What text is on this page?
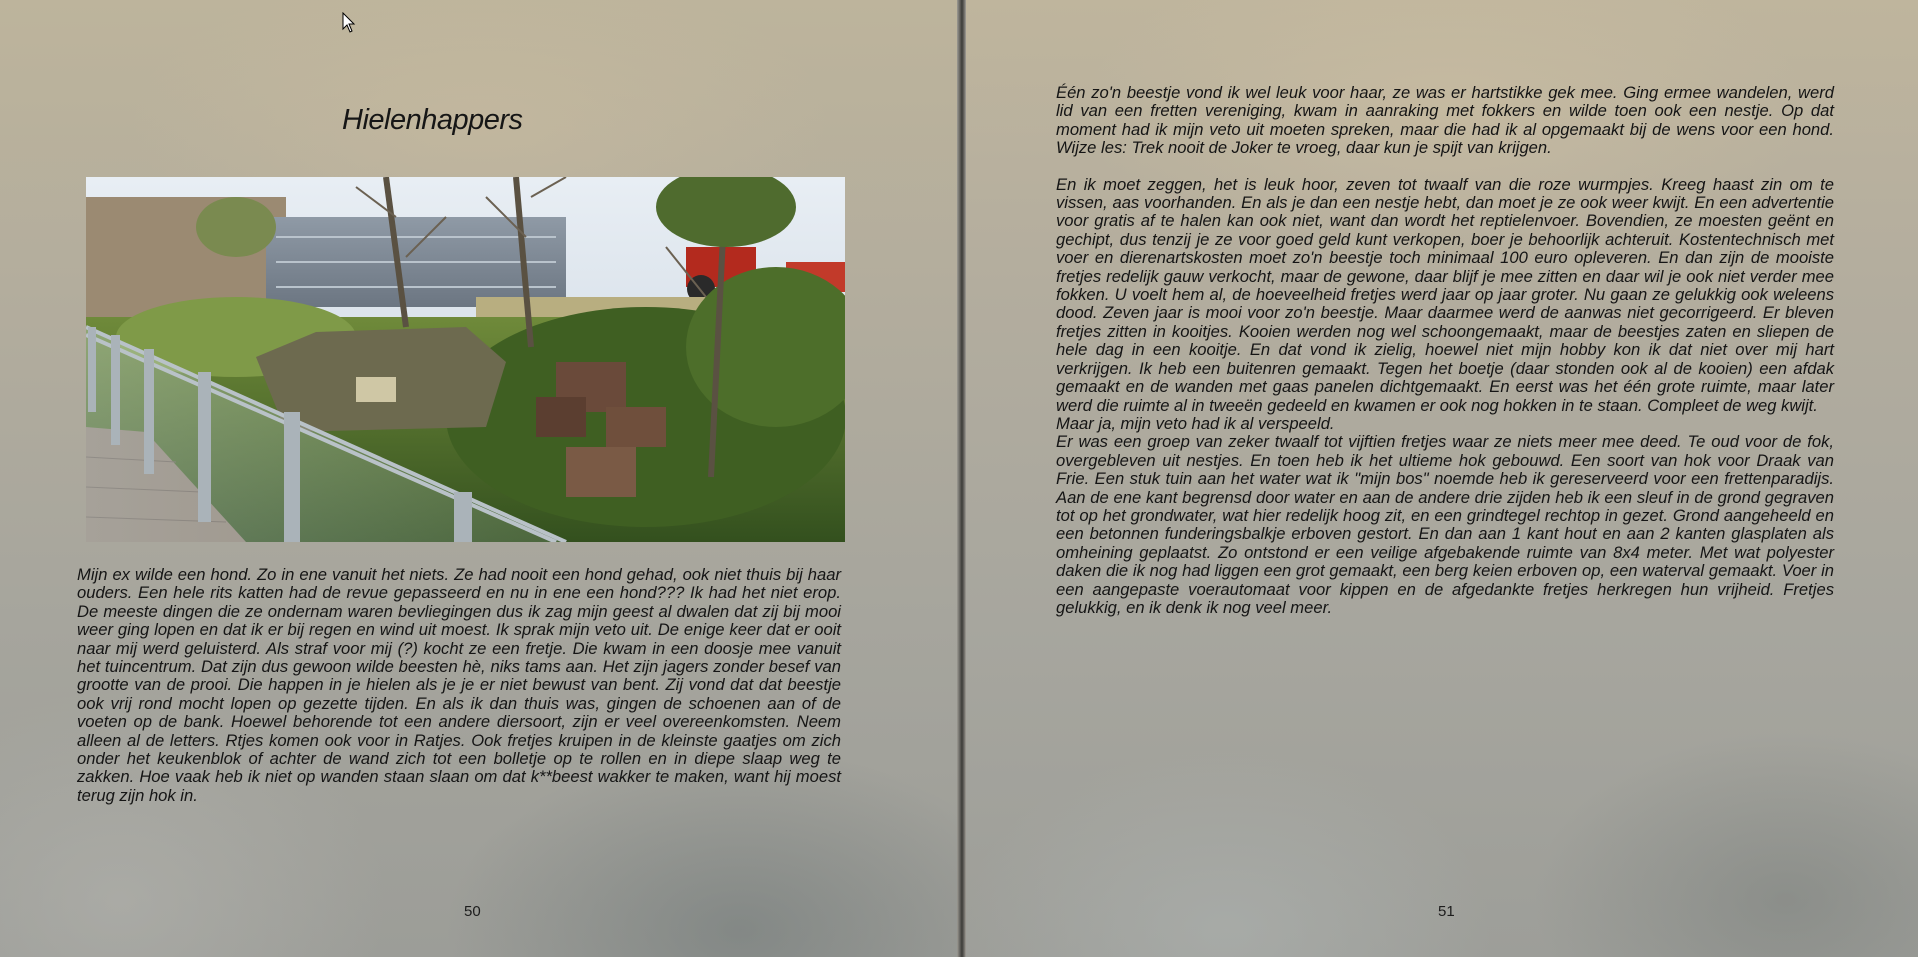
Hielenhappers

Mijn ex wilde een hond. Zo in ene vanuit het niets. Ze had nooit een hond gehad, ook niet thuis bij haar ouders. Een hele rits katten had de revue gepasseerd en nu in ene een hond??? Ik had het niet erop. De meeste dingen die ze ondernam waren bevliegingen dus ik zag mijn geest al dwalen dat zij bij mooi weer ging lopen en dat ik er bij regen en wind uit moest. Ik sprak mijn veto uit. De enige keer dat er ooit naar mij werd geluisterd. Als straf voor mij (?) kocht ze een fretje. Die kwam in een doosje mee vanuit het tuincentrum. Dat zijn dus gewoon wilde beesten hè, niks tams aan. Het zijn jagers zonder besef van grootte van de prooi. Die happen in je hielen als je je er niet bewust van bent. Zij vond dat dat beestje ook vrij rond mocht lopen op gezette tijden. En als ik dan thuis was, gingen de schoenen aan of de voeten op de bank. Hoewel behorende tot een andere diersoort, zijn er veel overeenkomsten. Neem alleen al de letters. Rtjes komen ook voor in Ratjes. Ook fretjes kruipen in de kleinste gaatjes om zich onder het keukenblok of achter de wand zich tot een bolletje op te rollen en in diepe slaap weg te zakken. Hoe vaak heb ik niet op wanden staan slaan om dat k**beest wakker te maken, want hij moest terug zijn hok in.

50

Één zo'n beestje vond ik wel leuk voor haar, ze was er hartstikke gek mee. Ging ermee wandelen, werd lid van een fretten vereniging, kwam in aanraking met fokkers en wilde toen ook een nestje. Op dat moment had ik mijn veto uit moeten spreken, maar die had ik al opgemaakt bij de wens voor een hond. Wijze les: Trek nooit de Joker te vroeg, daar kun je spijt van krijgen.

En ik moet zeggen, het is leuk hoor, zeven tot twaalf van die roze wurmpjes. Kreeg haast zin om te vissen, aas voorhanden. En als je dan een nestje hebt, dan moet je ze ook weer kwijt. En een advertentie voor gratis af te halen kan ook niet, want dan wordt het reptielenvoer. Bovendien, ze moesten geënt en gechipt, dus tenzij je ze voor goed geld kunt verkopen, boer je behoorlijk achteruit. Kostentechnisch met voer en dierenartskosten moet zo'n beestje toch minimaal 100 euro opleveren. En dan zijn de mooiste fretjes redelijk gauw verkocht, maar de gewone, daar blijf je mee zitten en daar wil je ook niet verder mee fokken. U voelt hem al, de hoeveelheid fretjes werd jaar op jaar groter. Nu gaan ze gelukkig ook weleens dood. Zeven jaar is mooi voor zo'n beestje. Maar daarmee werd de aanwas niet gecorrigeerd. Er bleven fretjes zitten in kooitjes. Kooien werden nog wel schoongemaakt, maar de beestjes zaten en sliepen de hele dag in een kooitje. En dat vond ik zielig, hoewel niet mijn hobby kon ik dat niet over mij hart verkrijgen. Ik heb een buitenren gemaakt. Tegen het boetje (daar stonden ook al de kooien) een afdak gemaakt en de wanden met gaas panelen dichtgemaakt. En eerst was het één grote ruimte, maar later werd die ruimte al in tweeën gedeeld en kwamen er ook nog hokken in te staan. Compleet de weg kwijt.

Maar ja, mijn veto had ik al verspeeld.

Er was een groep van zeker twaalf tot vijftien fretjes waar ze niets meer mee deed. Te oud voor de fok, overgebleven uit nestjes. En toen heb ik het ultieme hok gebouwd. Een soort van hok voor Draak van Frie. Een stuk tuin aan het water wat ik "mijn bos" noemde heb ik gereserveerd voor een frettenparadijs. Aan de ene kant begrensd door water en aan de andere drie zijden heb ik een sleuf in de grond gegraven tot op het grondwater, wat hier redelijk hoog zit, en een grindtegel rechtop in gezet. Grond aangeheeld en een betonnen funderingsbalkje erboven gestort. En dan aan 1 kant hout en aan 2 kanten glasplaten als omheining geplaatst. Zo ontstond er een veilige afgebakende ruimte van 8x4 meter. Met wat polyester daken die ik nog had liggen een grot gemaakt, een berg keien erboven op, een waterval gemaakt. Voer in een aangepaste voerautomaat voor kippen en de afgedankte fretjes herkregen hun vrijheid. Fretjes gelukkig, en ik denk ik nog veel meer.

51
